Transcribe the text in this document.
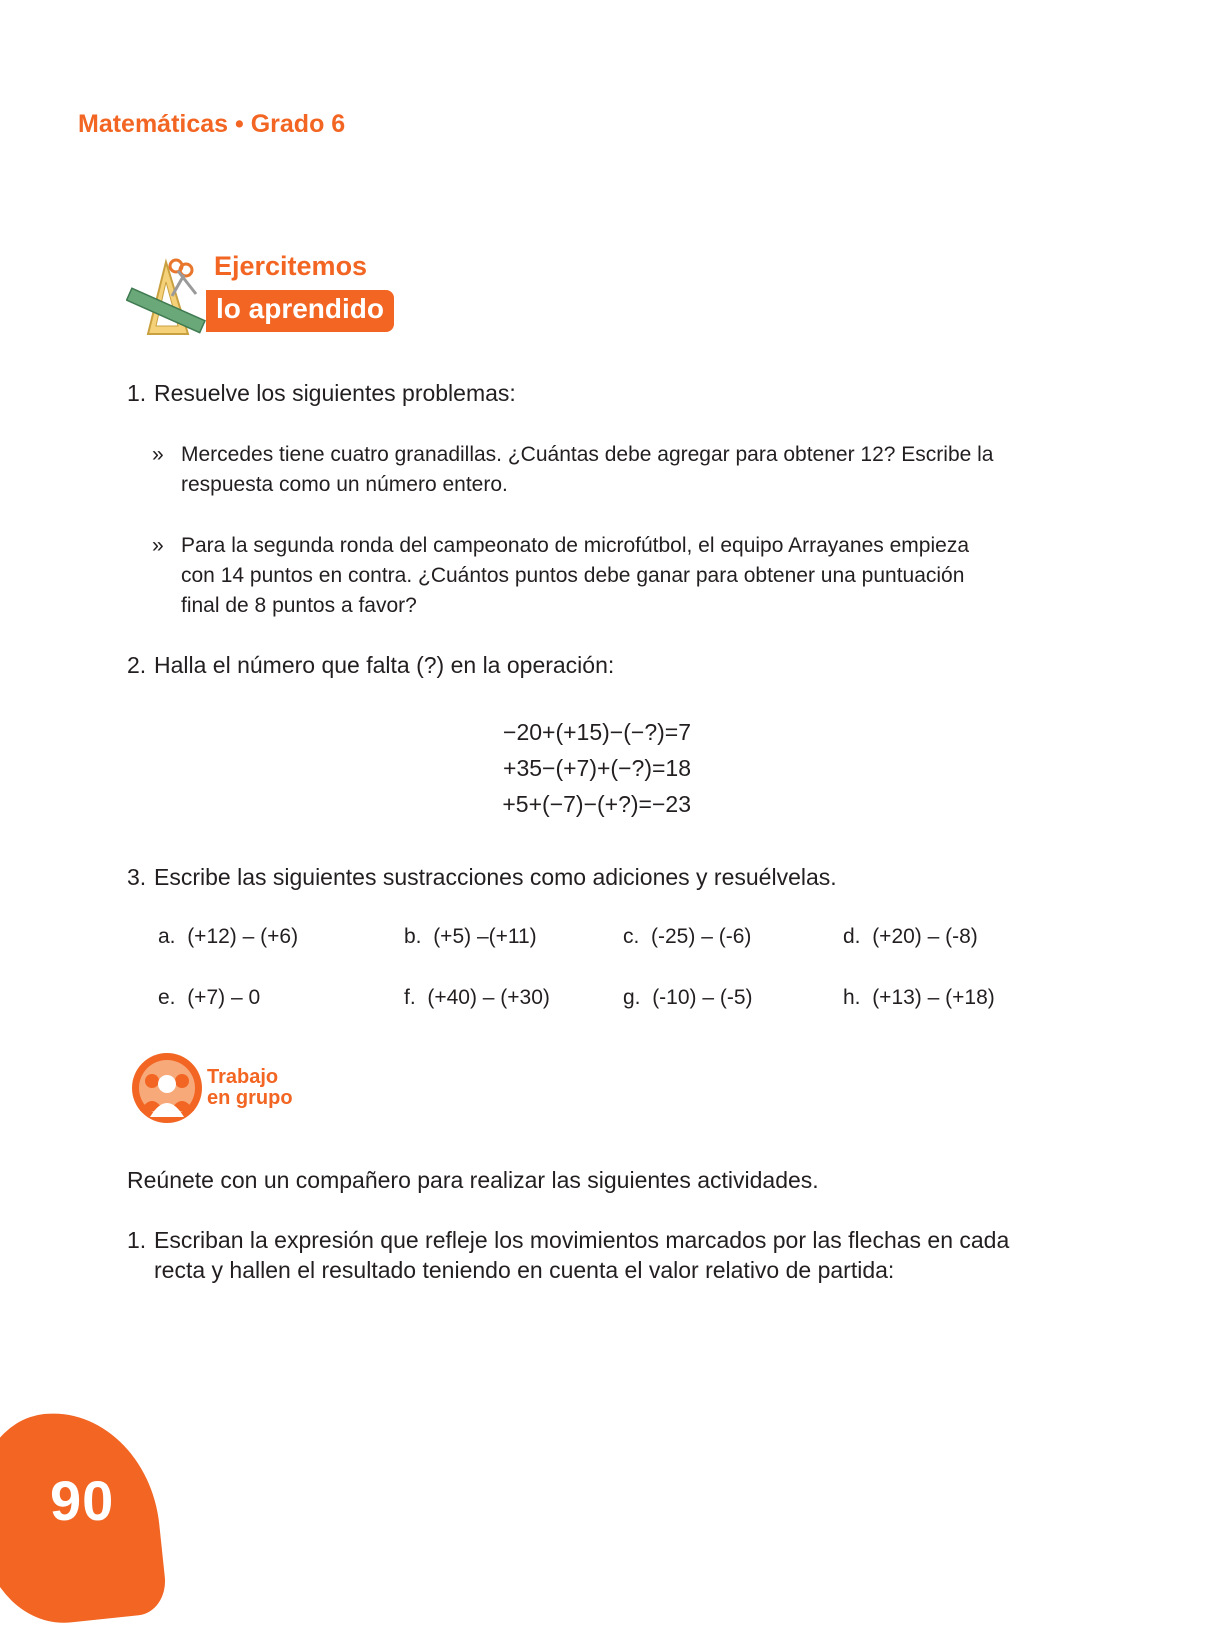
Matemáticas • Grado 6
Ejercitemos
lo aprendido
1. Resuelve los siguientes problemas:
» Mercedes tiene cuatro granadillas. ¿Cuántas debe agregar para obtener 12? Escribe la
respuesta como un número entero.
» Para la segunda ronda del campeonato de microfútbol, el equipo Arrayanes empieza
con 14 puntos en contra. ¿Cuántos puntos debe ganar para obtener una puntuación
final de 8 puntos a favor?
2. Halla el número que falta (?) en la operación:
−20+(+15)−(−?)=7
+35−(+7)+(−?)=18
+5+(−7)−(+?)=−23
3. Escribe las siguientes sustracciones como adiciones y resuélvelas.
a. (+12) – (+6)	b. (+5) –(+11)	c. (-25) – (-6)	d. (+20) – (-8)
e. (+7) – 0	f. (+40) – (+30)	g. (-10) – (-5)	h. (+13) – (+18)
Trabajo
en grupo
Reúnete con un compañero para realizar las siguientes actividades.
1. Escriban la expresión que refleje los movimientos marcados por las flechas en cada
recta y hallen el resultado teniendo en cuenta el valor relativo de partida:
90
